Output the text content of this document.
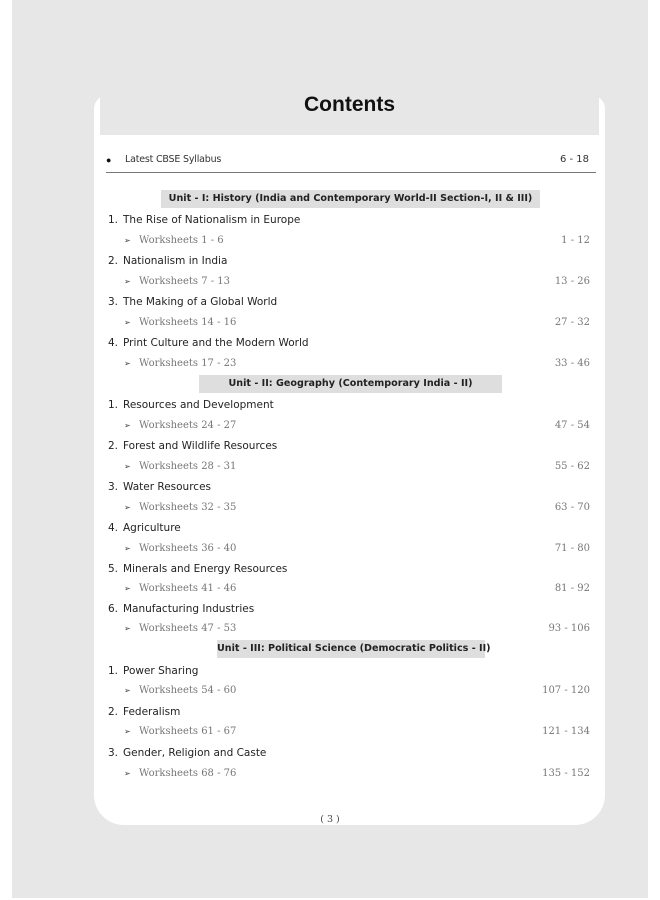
Contents
● Latest CBSE Syllabus	6 - 18
Unit - I: History (India and Contemporary World-II Section-I, II & III)
1. The Rise of Nationalism in Europe
➢ Worksheets 1 - 6	1 - 12
2. Nationalism in India
➢ Worksheets 7 - 13	13 - 26
3. The Making of a Global World
➢ Worksheets 14 - 16	27 - 32
4. Print Culture and the Modern World
➢ Worksheets 17 - 23	33 - 46
Unit - II: Geography (Contemporary India - II)
1. Resources and Development
➢ Worksheets 24 - 27	47 - 54
2. Forest and Wildlife Resources
➢ Worksheets 28 - 31	55 - 62
3. Water Resources
➢ Worksheets 32 - 35	63 - 70
4. Agriculture
➢ Worksheets 36 - 40	71 - 80
5. Minerals and Energy Resources
➢ Worksheets 41 - 46	81 - 92
6. Manufacturing Industries
➢ Worksheets 47 - 53	93 - 106
Unit - III: Political Science (Democratic Politics - II)
1. Power Sharing
➢ Worksheets 54 - 60	107 - 120
2. Federalism
➢ Worksheets 61 - 67	121 - 134
3. Gender, Religion and Caste
➢ Worksheets 68 - 76	135 - 152
( 3 )
